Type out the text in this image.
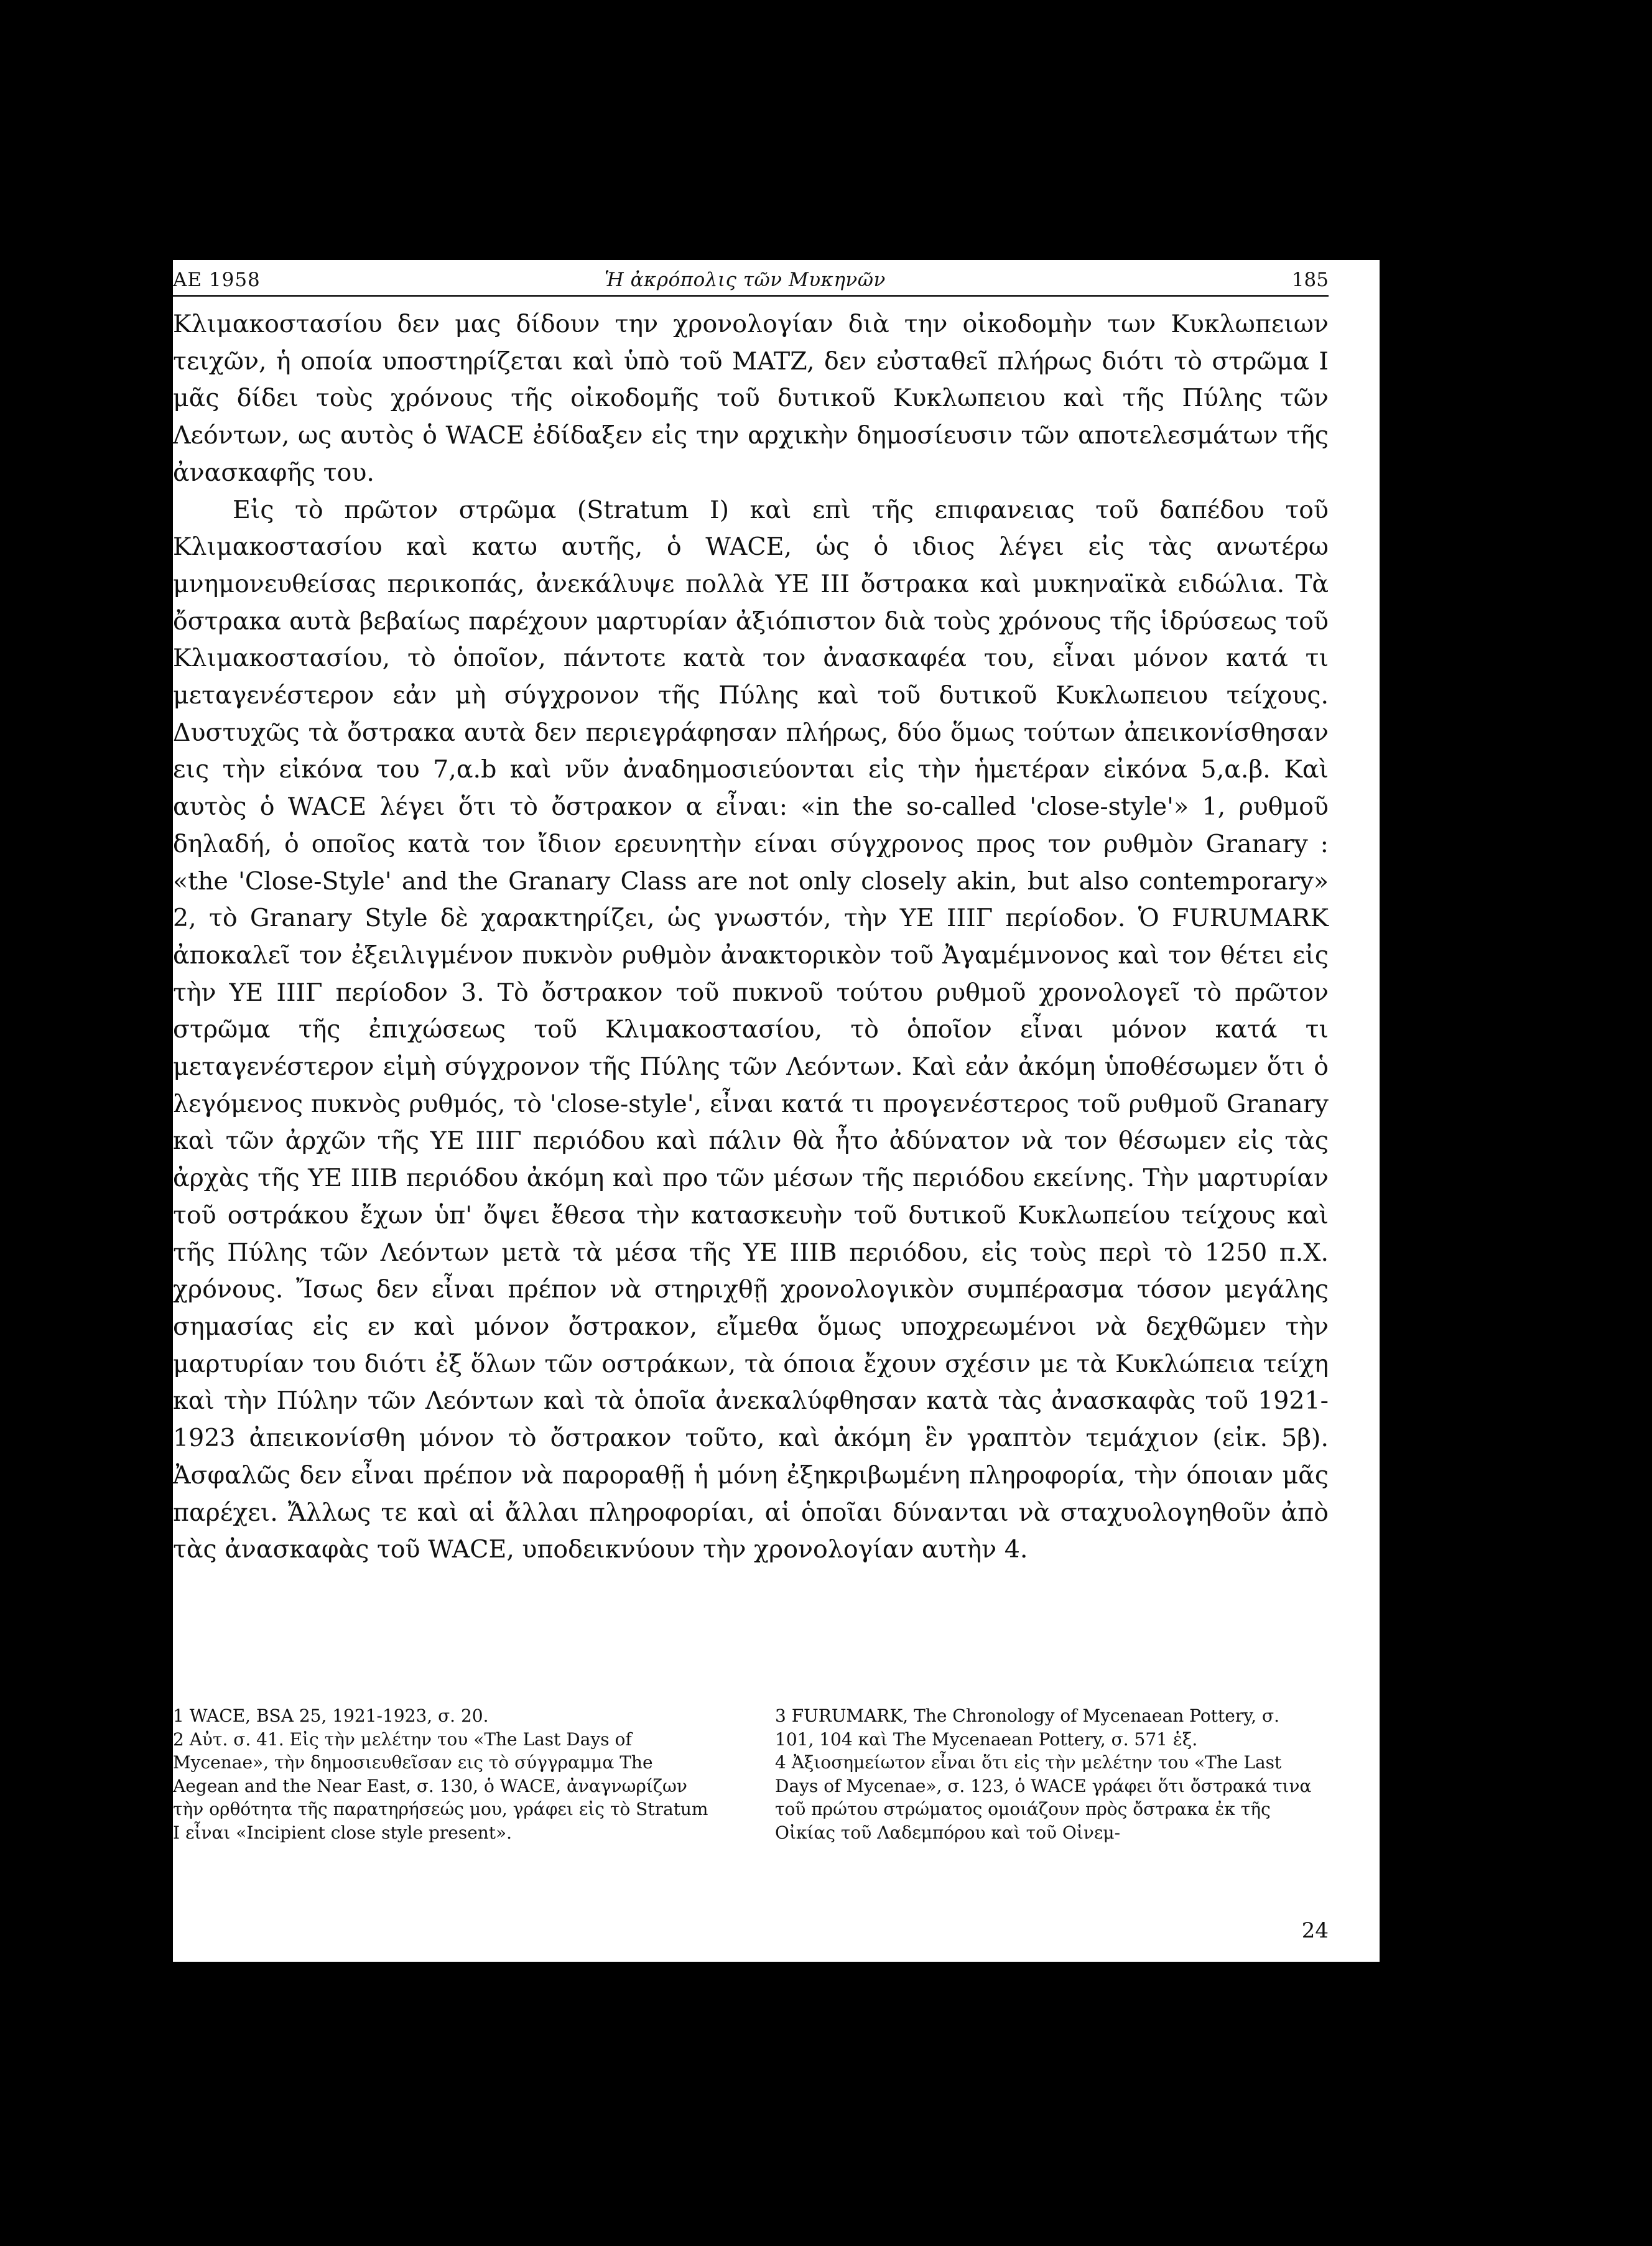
ΑΕ 1958	Ἡ ἀκρόπολις τῶν Μυκηνῶν	185

Κλιμακοστασίου δεν μας δίδουν την χρονολογίαν διὰ την οἰκοδομὴν των Κυκλωπειων τειχῶν, ἡ οποία υποστηρίζεται καὶ ὑπὸ τοῦ MATZ, δεν εὐσταθεῖ πλήρως διότι τὸ στρῶμα I μᾶς δίδει τοὺς χρόνους τῆς οἰκοδομῆς τοῦ δυτικοῦ Κυκλωπειου καὶ τῆς Πύλης τῶν Λεόντων, ως αυτὸς ὁ WACE ἐδίδαξεν εἰς την αρχικὴν δημοσίευσιν τῶν αποτελεσμάτων τῆς ἀνασκαφῆς του.

Εἰς τὸ πρῶτον στρῶμα (Stratum I) καὶ επὶ τῆς επιφανειας τοῦ δαπέδου τοῦ Κλιμακοστασίου καὶ κατω αυτῆς, ὁ WACE, ὡς ὁ ιδιος λέγει εἰς τὰς ανωτέρω μνημονευθείσας περικοπάς, ἀνεκάλυψε πολλὰ ΥΕ III ὄστρακα καὶ μυκηναϊκὰ ειδώλια. Τὰ ὄστρακα αυτὰ βεβαίως παρέχουν μαρτυρίαν ἀξιόπιστον διὰ τοὺς χρόνους τῆς ἱδρύσεως τοῦ Κλιμακοστασίου, τὸ ὁποῖον, πάντοτε κατὰ τον ἀνασκαφέα του, εἶναι μόνον κατά τι μεταγενέστερον εἀν μὴ σύγχρονον τῆς Πύλης καὶ τοῦ δυτικοῦ Κυκλωπειου τείχους. Δυστυχῶς τὰ ὄστρακα αυτὰ δεν περιεγράφησαν πλήρως, δύο ὅμως τούτων ἀπεικονίσθησαν εις τὴν εἰκόνα του 7,α.b καὶ νῦν ἀναδημοσιεύονται εἰς τὴν ἡμετέραν εἰκόνα 5,α.β. Καὶ αυτὸς ὁ WACE λέγει ὅτι τὸ ὄστρακον α εἶναι: «in the so-called 'close-style'» 1, ρυθμοῦ δηλαδή, ὁ οποῖος κατὰ τον ἴδιον ερευνητὴν είναι σύγχρονος προς τον ρυθμὸν Granary : «the 'Close-Style' and the Granary Class are not only closely akin, but also contemporary» 2, τὸ Granary Style δὲ χαρακτηρίζει, ὡς γνωστόν, τὴν ΥΕ IIIΓ περίοδον. Ὁ FURUMARK ἀποκαλεῖ τον ἐξειλιγμένον πυκνὸν ρυθμὸν ἀνακτορικὸν τοῦ Ἀγαμέμνονος καὶ τον θέτει εἰς τὴν ΥΕ IIIΓ περίοδον 3. Τὸ ὄστρακον τοῦ πυκνοῦ τούτου ρυθμοῦ χρονολογεῖ τὸ πρῶτον στρῶμα τῆς ἐπιχώσεως τοῦ Κλιμακοστασίου, τὸ ὁποῖον εἶναι μόνον κατά τι μεταγενέστερον εἰμὴ σύγχρονον τῆς Πύλης τῶν Λεόντων. Καὶ εἀν ἀκόμη ὑποθέσωμεν ὅτι ὁ λεγόμενος πυκνὸς ρυθμός, τὸ 'close-style', εἶναι κατά τι προγενέστερος τοῦ ρυθμοῦ Granary καὶ τῶν ἀρχῶν τῆς ΥΕ IIIΓ περιόδου καὶ πάλιν θὰ ἦτο ἀδύνατον νὰ τον θέσωμεν εἰς τὰς ἀρχὰς τῆς ΥΕ IIIΒ περιόδου ἀκόμη καὶ προ τῶν μέσων τῆς περιόδου εκείνης. Τὴν μαρτυρίαν τοῦ οστράκου ἔχων ὑπ' ὄψει ἔθεσα τὴν κατασκευὴν τοῦ δυτικοῦ Κυκλωπείου τείχους καὶ τῆς Πύλης τῶν Λεόντων μετὰ τὰ μέσα τῆς ΥΕ IIIΒ περιόδου, εἰς τοὺς περὶ τὸ 1250 π.Χ. χρόνους. Ἴσως δεν εἶναι πρέπον νὰ στηριχθῇ χρονολογικὸν συμπέρασμα τόσον μεγάλης σημασίας εἰς εν καὶ μόνον ὄστρακον, εἴμεθα ὅμως υποχρεωμένοι νὰ δεχθῶμεν τὴν μαρτυρίαν του διότι ἐξ ὅλων τῶν οστράκων, τὰ όποια ἔχουν σχέσιν με τὰ Κυκλώπεια τείχη καὶ τὴν Πύλην τῶν Λεόντων καὶ τὰ ὁποῖα ἀνεκαλύφθησαν κατὰ τὰς ἀνασκαφὰς τοῦ 1921-1923 ἀπεικονίσθη μόνον τὸ ὄστρακον τοῦτο, καὶ ἀκόμη ἓν γραπτὸν τεμάχιον (εἰκ. 5β). Ἀσφαλῶς δεν εἶναι πρέπον νὰ παροραθῇ ἡ μόνη ἐξηκριβωμένη πληροφορία, τὴν όποιαν μᾶς παρέχει. Ἄλλως τε καὶ αἱ ἄλλαι πληροφορίαι, αἱ ὁποῖαι δύνανται νὰ σταχυολογηθοῦν ἀπὸ τὰς ἀνασκαφὰς τοῦ WACE, υποδεικνύουν τὴν χρονολογίαν αυτὴν 4.

1 WACE, BSA 25, 1921-1923, σ. 20.

2 Αὐτ. σ. 41. Εἰς τὴν μελέτην του «The Last Days of Mycenae», τὴν δημοσιευθεῖσαν εις τὸ σύγγραμμα The Aegean and the Near East, σ. 130, ὁ WACE, ἀναγνωρίζων τὴν ορθότητα τῆς παρατηρήσεώς μου, γράφει εἰς τὸ Stratum I εἶναι «Incipient close style present».

3 FURUMARK, The Chronology of Mycenaean Pottery, σ. 101, 104 καὶ The Mycenaean Pottery, σ. 571 ἑξ.

4 Ἀξιοσημείωτον εἶναι ὅτι εἰς τὴν μελέτην του «The Last Days of Mycenae», σ. 123, ὁ WACE γράφει ὅτι ὄστρακά τινα τοῦ πρώτου στρώματος ομοιάζουν πρὸς ὄστρακα ἐκ τῆς Οἰκίας τοῦ Λαδεμπόρου καὶ τοῦ Οἰνεμ-

24
